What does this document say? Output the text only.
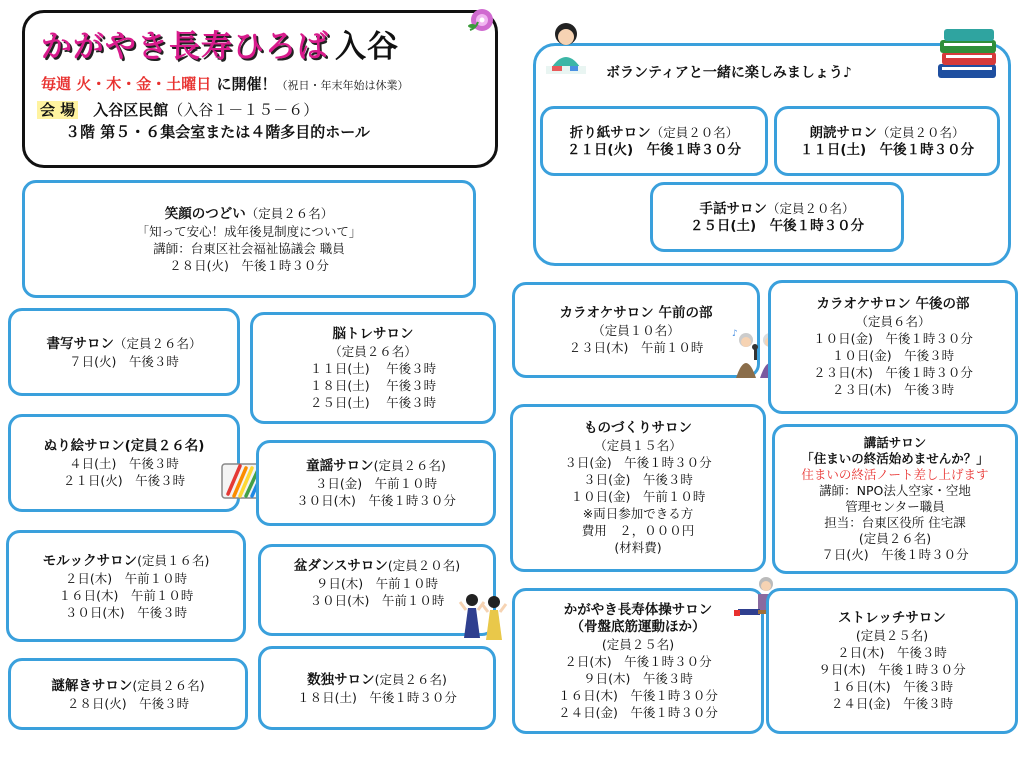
かがやき長寿ひろば 入谷
毎週 火・木・金・土曜日 に開催！（祝日・年末年始は休業）
会 場　 入谷区民館（入谷１－１５－６）
３階 第５・６集会室または４階多目的ホール
ボランティアと一緒に楽しみましょう♪
折り紙サロン（定員２０名）
２１日(火)　午後１時３０分
朗読サロン（定員２０名）
１１日(土)　午後１時３０分
手話サロン（定員２０名）
２５日(土)　午後１時３０分
笑顔のつどい（定員２６名）
「知って安心！成年後見制度について」
講師：台東区社会福祉協議会 職員
２８日(火)　午後１時３０分
書写サロン（定員２６名）
７日(火)　午後３時
ぬり絵サロン(定員２６名)
４日(土)　午後３時
２１日(火)　午後３時
モルックサロン(定員１６名)
２日(木)　午前１０時
１６日(木)　午前１０時
３０日(木)　午後３時
謎解きサロン(定員２６名)
２８日(火)　午後３時
脳トレサロン
（定員２６名）
１１日(土)　 午後３時
１８日(土)　 午後３時
２５日(土)　 午後３時
童謡サロン(定員２６名)
３日(金)　午前１０時
３０日(木)　午後１時３０分
盆ダンスサロン(定員２０名)
９日(木)　午前１０時
３０日(木)　午前１０時
数独サロン(定員２６名)
１８日(土)　午後１時３０分
カラオケサロン 午前の部
（定員１０名）
２３日(木)　午前１０時
♪
カラオケサロン 午後の部
（定員６名）
１０日(金)　午後１時３０分
１０日(金)　午後３時
２３日(木)　午後１時３０分
２３日(木)　午後３時
ものづくりサロン
（定員１５名）
３日(金)　午後１時３０分
３日(金)　午後３時
１０日(金)　午前１０時
※両日参加できる方
費用　２，０００円
(材料費)
講話サロン
「住まいの終活始めませんか？」
住まいの終活ノート差し上げます
講師：NPO法人空家・空地
管理センター職員
担当：台東区役所 住宅課
(定員２６名)
７日(火)　午後１時３０分
かがやき長寿体操サロン
（骨盤底筋運動ほか）
(定員２５名)
２日(木)　午後１時３０分
９日(木)　午後３時
１６日(木)　午後１時３０分
２４日(金)　午後１時３０分
ストレッチサロン
(定員２５名)
２日(木)　午後３時
９日(木)　午後１時３０分
１６日(木)　午後３時
２４日(金)　午後３時
